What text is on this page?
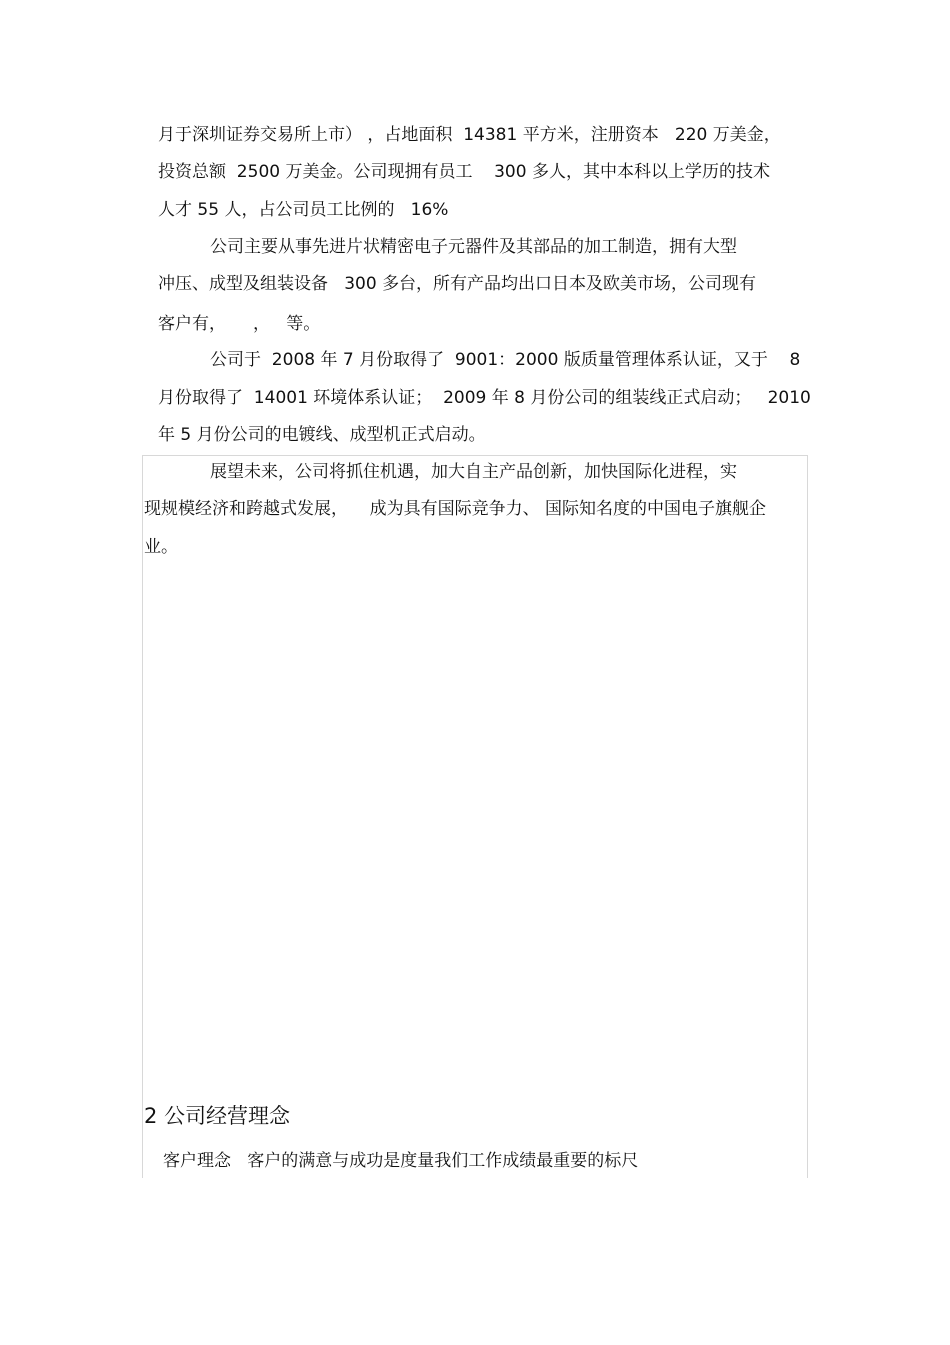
月于深圳证券交易所上市） ，占地面积  14381 平方米，注册资本   220 万美金，
投资总额  2500 万美金。公司现拥有员工    300 多人，其中本科以上学历的技术
人才 55 人，占公司员工比例的   16%
公司主要从事先进片状精密电子元器件及其部品的加工制造，拥有大型
冲压、成型及组装设备   300 多台，所有产品均出口日本及欧美市场，公司现有
客户有，     ，   等。
公司于  2008 年 7 月份取得了  9001：2000 版质量管理体系认证，又于    8
月份取得了  14001 环境体系认证；  2009 年 8 月份公司的组装线正式启动；   2010
年 5 月份公司的电镀线、成型机正式启动。
展望未来，公司将抓住机遇，加大自主产品创新，加快国际化进程，实
现规模经济和跨越式发展，    成为具有国际竞争力、 国际知名度的中国电子旗舰企
业。
2 公司经营理念
客户理念   客户的满意与成功是度量我们工作成绩最重要的标尺
